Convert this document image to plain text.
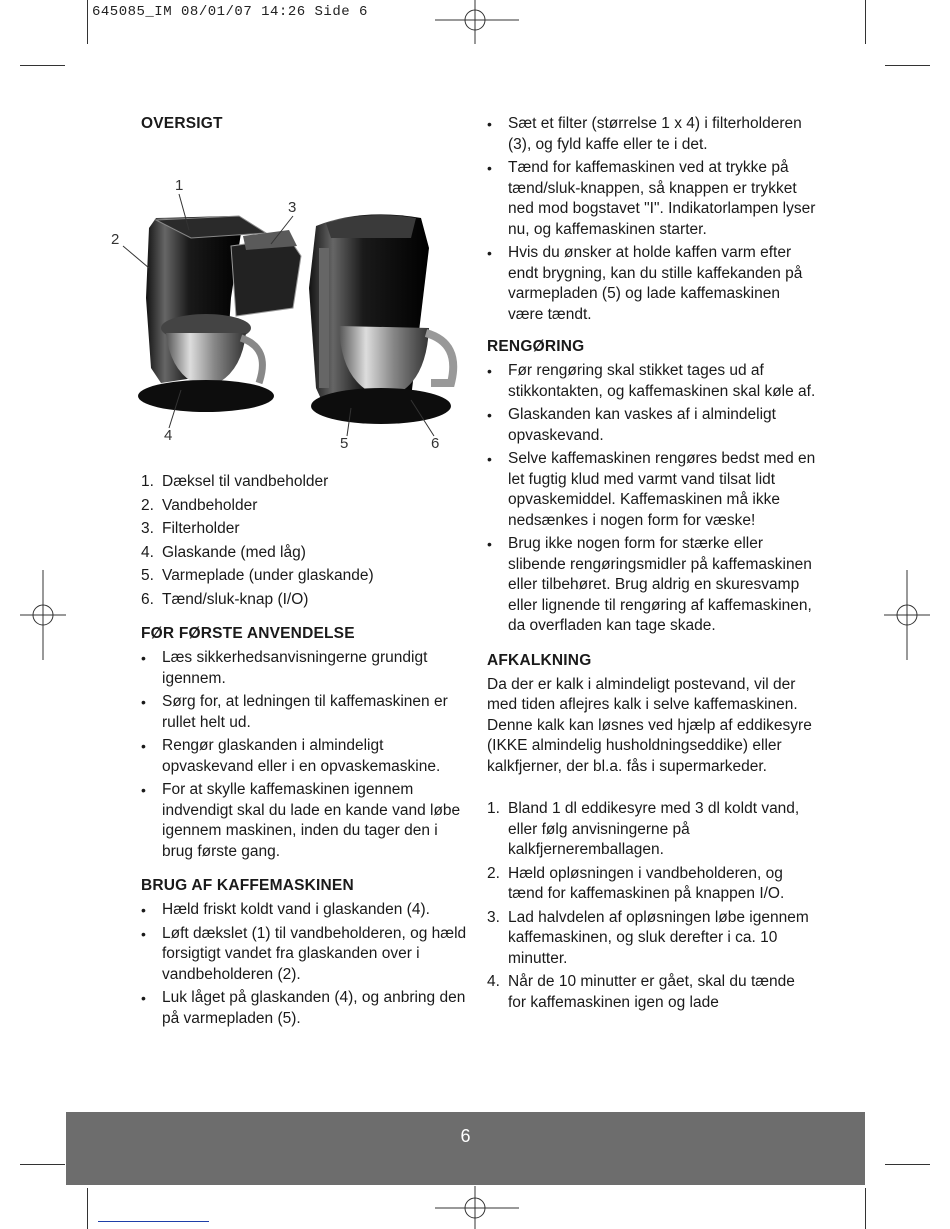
645085_IM 08/01/07 14:26 Side 6
OVERSIGT
1
2
3
4	5	6
1. Dæksel til vandbeholder
2. Vandbeholder
3. Filterholder
4. Glaskande (med låg)
5. Varmeplade (under glaskande)
6. Tænd/sluk-knap (I/O)
FØR FØRSTE ANVENDELSE
• Læs sikkerhedsanvisningerne grundigt igennem.
• Sørg for, at ledningen til kaffemaskinen er rullet helt ud.
• Rengør glaskanden i almindeligt opvaskevand eller i en opvaskemaskine.
• For at skylle kaffemaskinen igennem indvendigt skal du lade en kande vand løbe igennem maskinen, inden du tager den i brug første gang.
BRUG AF KAFFEMASKINEN
• Hæld friskt koldt vand i glaskanden (4).
• Løft dækslet (1) til vandbeholderen, og hæld forsigtigt vandet fra glaskanden over i vandbeholderen (2).
• Luk låget på glaskanden (4), og anbring den på varmepladen (5).
• Sæt et filter (størrelse 1 x 4) i filterholderen (3), og fyld kaffe eller te i det.
• Tænd for kaffemaskinen ved at trykke på tænd/sluk-knappen, så knappen er trykket ned mod bogstavet "I". Indikatorlampen lyser nu, og kaffemaskinen starter.
• Hvis du ønsker at holde kaffen varm efter endt brygning, kan du stille kaffekanden på varmepladen (5) og lade kaffemaskinen være tændt.
RENGØRING
• Før rengøring skal stikket tages ud af stikkontakten, og kaffemaskinen skal køle af.
• Glaskanden kan vaskes af i almindeligt opvaskevand.
• Selve kaffemaskinen rengøres bedst med en let fugtig klud med varmt vand tilsat lidt opvaskemiddel. Kaffemaskinen må ikke nedsænkes i nogen form for væske!
• Brug ikke nogen form for stærke eller slibende rengøringsmidler på kaffemaskinen eller tilbehøret. Brug aldrig en skuresvamp eller lignende til rengøring af kaffemaskinen, da overfladen kan tage skade.
AFKALKNING

Da der er kalk i almindeligt postevand, vil der med tiden aflejres kalk i selve kaffemaskinen. Denne kalk kan løsnes ved hjælp af eddikesyre (IKKE almindelig husholdningseddike) eller kalkfjerner, der bl.a. fås i supermarkeder.

1. Bland 1 dl eddikesyre med 3 dl koldt vand, eller følg anvisningerne på kalkfjerneremballagen.
2. Hæld opløsningen i vandbeholderen, og tænd for kaffemaskinen på knappen I/O.
3. Lad halvdelen af opløsningen løbe igennem kaffemaskinen, og sluk derefter i ca. 10 minutter.
4. Når de 10 minutter er gået, skal du tænde for kaffemaskinen igen og lade
6
